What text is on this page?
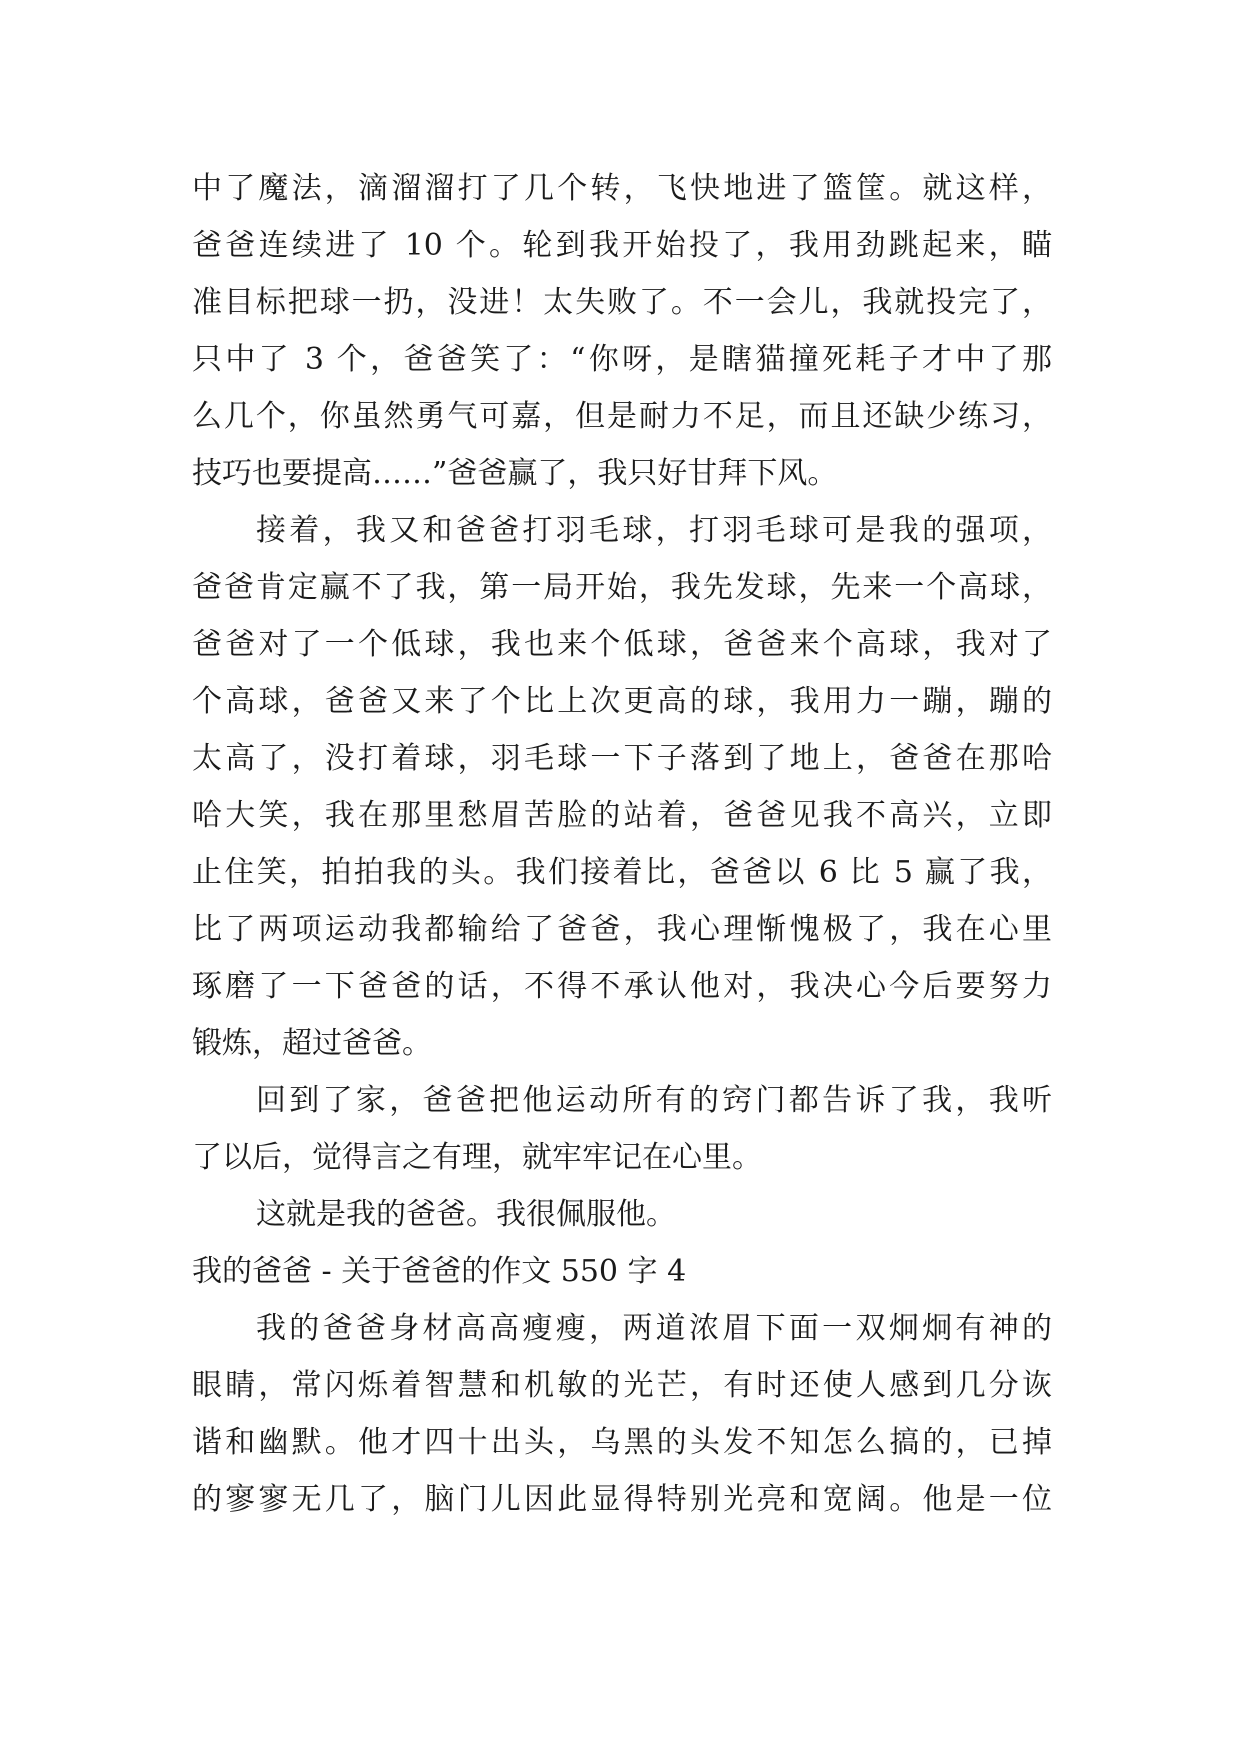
中了魔法，滴溜溜打了几个转，飞快地进了篮筐。就这样，
爸爸连续进了 10 个。轮到我开始投了，我用劲跳起来，瞄
准目标把球一扔，没进！太失败了。不一会儿，我就投完了，
只中了 3 个，爸爸笑了：“你呀，是瞎猫撞死耗子才中了那
么几个，你虽然勇气可嘉，但是耐力不足，而且还缺少练习，
技巧也要提高……”爸爸赢了，我只好甘拜下风。
接着，我又和爸爸打羽毛球，打羽毛球可是我的强项，
爸爸肯定赢不了我，第一局开始，我先发球，先来一个高球，
爸爸对了一个低球，我也来个低球，爸爸来个高球，我对了
个高球，爸爸又来了个比上次更高的球，我用力一蹦，蹦的
太高了，没打着球，羽毛球一下子落到了地上，爸爸在那哈
哈大笑，我在那里愁眉苦脸的站着，爸爸见我不高兴，立即
止住笑，拍拍我的头。我们接着比，爸爸以 6 比 5 赢了我，
比了两项运动我都输给了爸爸，我心理惭愧极了，我在心里
琢磨了一下爸爸的话，不得不承认他对，我决心今后要努力
锻炼，超过爸爸。
回到了家，爸爸把他运动所有的窍门都告诉了我，我听
了以后，觉得言之有理，就牢牢记在心里。
这就是我的爸爸。我很佩服他。
我的爸爸 - 关于爸爸的作文 550 字 4
我的爸爸身材高高瘦瘦，两道浓眉下面一双炯炯有神的
眼睛，常闪烁着智慧和机敏的光芒，有时还使人感到几分诙
谐和幽默。他才四十出头，乌黑的头发不知怎么搞的，已掉
的寥寥无几了，脑门儿因此显得特别光亮和宽阔。他是一位
